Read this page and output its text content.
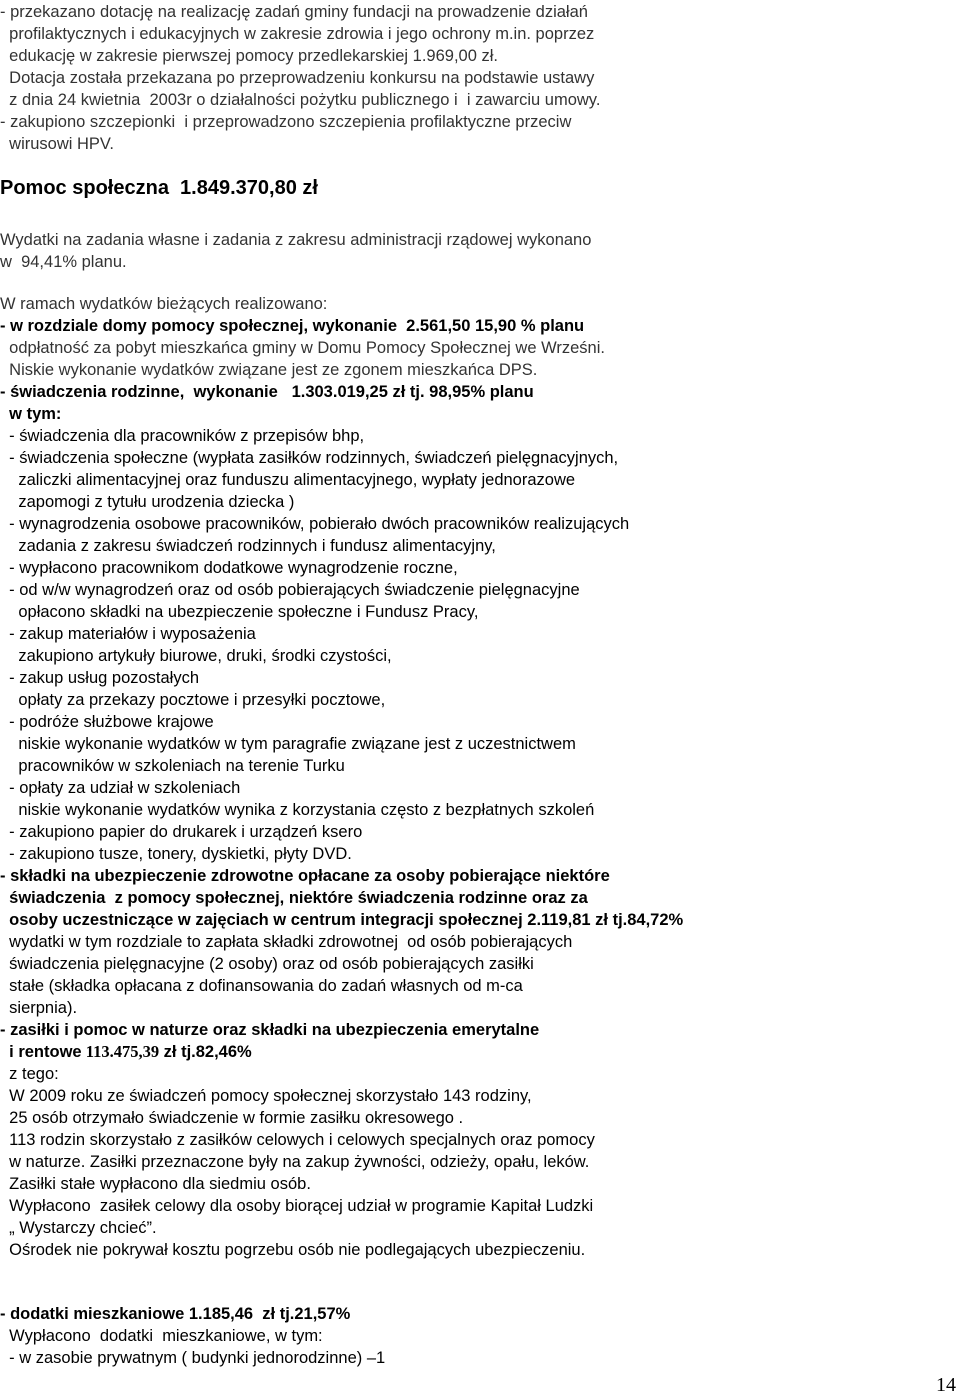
- przekazano dotację na realizację zadań gminy fundacji na prowadzenie działań
profilaktycznych i edukacyjnych w zakresie zdrowia i jego ochrony m.in. poprzez
edukację w zakresie pierwszej pomocy przedlekarskiej 1.969,00 zł.
Dotacja została przekazana po przeprowadzeniu konkursu na podstawie ustawy
z dnia 24 kwietnia  2003r o działalności pożytku publicznego i  i zawarciu umowy.
- zakupiono szczepionki  i przeprowadzono szczepienia profilaktyczne przeciw
wirusowi HPV.
Pomoc społeczna  1.849.370,80 zł
Wydatki na zadania własne i zadania z zakresu administracji rządowej wykonano
w  94,41% planu.
W ramach wydatków bieżących realizowano:
- w rozdziale domy pomocy społecznej, wykonanie  2.561,50 15,90 % planu
odpłatność za pobyt mieszkańca gminy w Domu Pomocy Społecznej we Wrześni.
Niskie wykonanie wydatków związane jest ze zgonem mieszkańca DPS.
- świadczenia rodzinne,  wykonanie   1.303.019,25 zł tj. 98,95% planu
w tym:
- świadczenia dla pracowników z przepisów bhp,
- świadczenia społeczne (wypłata zasiłków rodzinnych, świadczeń pielęgnacyjnych,
zaliczki alimentacyjnej oraz funduszu alimentacyjnego, wypłaty jednorazowe
zapomogi z tytułu urodzenia dziecka )
- wynagrodzenia osobowe pracowników, pobierało dwóch pracowników realizujących
zadania z zakresu świadczeń rodzinnych i fundusz alimentacyjny,
- wypłacono pracownikom dodatkowe wynagrodzenie roczne,
- od w/w wynagrodzeń oraz od osób pobierających świadczenie pielęgnacyjne
opłacono składki na ubezpieczenie społeczne i Fundusz Pracy,
- zakup materiałów i wyposażenia
zakupiono artykuły biurowe, druki, środki czystości,
- zakup usług pozostałych
opłaty za przekazy pocztowe i przesyłki pocztowe,
- podróże służbowe krajowe
niskie wykonanie wydatków w tym paragrafie związane jest z uczestnictwem
pracowników w szkoleniach na terenie Turku
- opłaty za udział w szkoleniach
niskie wykonanie wydatków wynika z korzystania często z bezpłatnych szkoleń
- zakupiono papier do drukarek i urządzeń ksero
- zakupiono tusze, tonery, dyskietki, płyty DVD.
- składki na ubezpieczenie zdrowotne opłacane za osoby pobierające niektóre
świadczenia  z pomocy społecznej, niektóre świadczenia rodzinne oraz za
osoby uczestniczące w zajęciach w centrum integracji społecznej 2.119,81 zł tj.84,72%
wydatki w tym rozdziale to zapłata składki zdrowotnej  od osób pobierających
świadczenia pielęgnacyjne (2 osoby) oraz od osób pobierających zasiłki
stałe (składka opłacana z dofinansowania do zadań własnych od m-ca
sierpnia).
- zasiłki i pomoc w naturze oraz składki na ubezpieczenia emerytalne
i rentowe 113.475,39 zł tj.82,46%
z tego:
W 2009 roku ze świadczeń pomocy społecznej skorzystało 143 rodziny,
25 osób otrzymało świadczenie w formie zasiłku okresowego .
113 rodzin skorzystało z zasiłków celowych i celowych specjalnych oraz pomocy
w naturze. Zasiłki przeznaczone były na zakup żywności, odzieży, opału, leków.
Zasiłki stałe wypłacono dla siedmiu osób.
Wypłacono  zasiłek celowy dla osoby biorącej udział w programie Kapitał Ludzki
„ Wystarczy chcieć”.
Ośrodek nie pokrywał kosztu pogrzebu osób nie podlegających ubezpieczeniu.
- dodatki mieszkaniowe 1.185,46  zł tj.21,57%
Wypłacono  dodatki  mieszkaniowe, w tym:
- w zasobie prywatnym ( budynki jednorodzinne) –1
14
